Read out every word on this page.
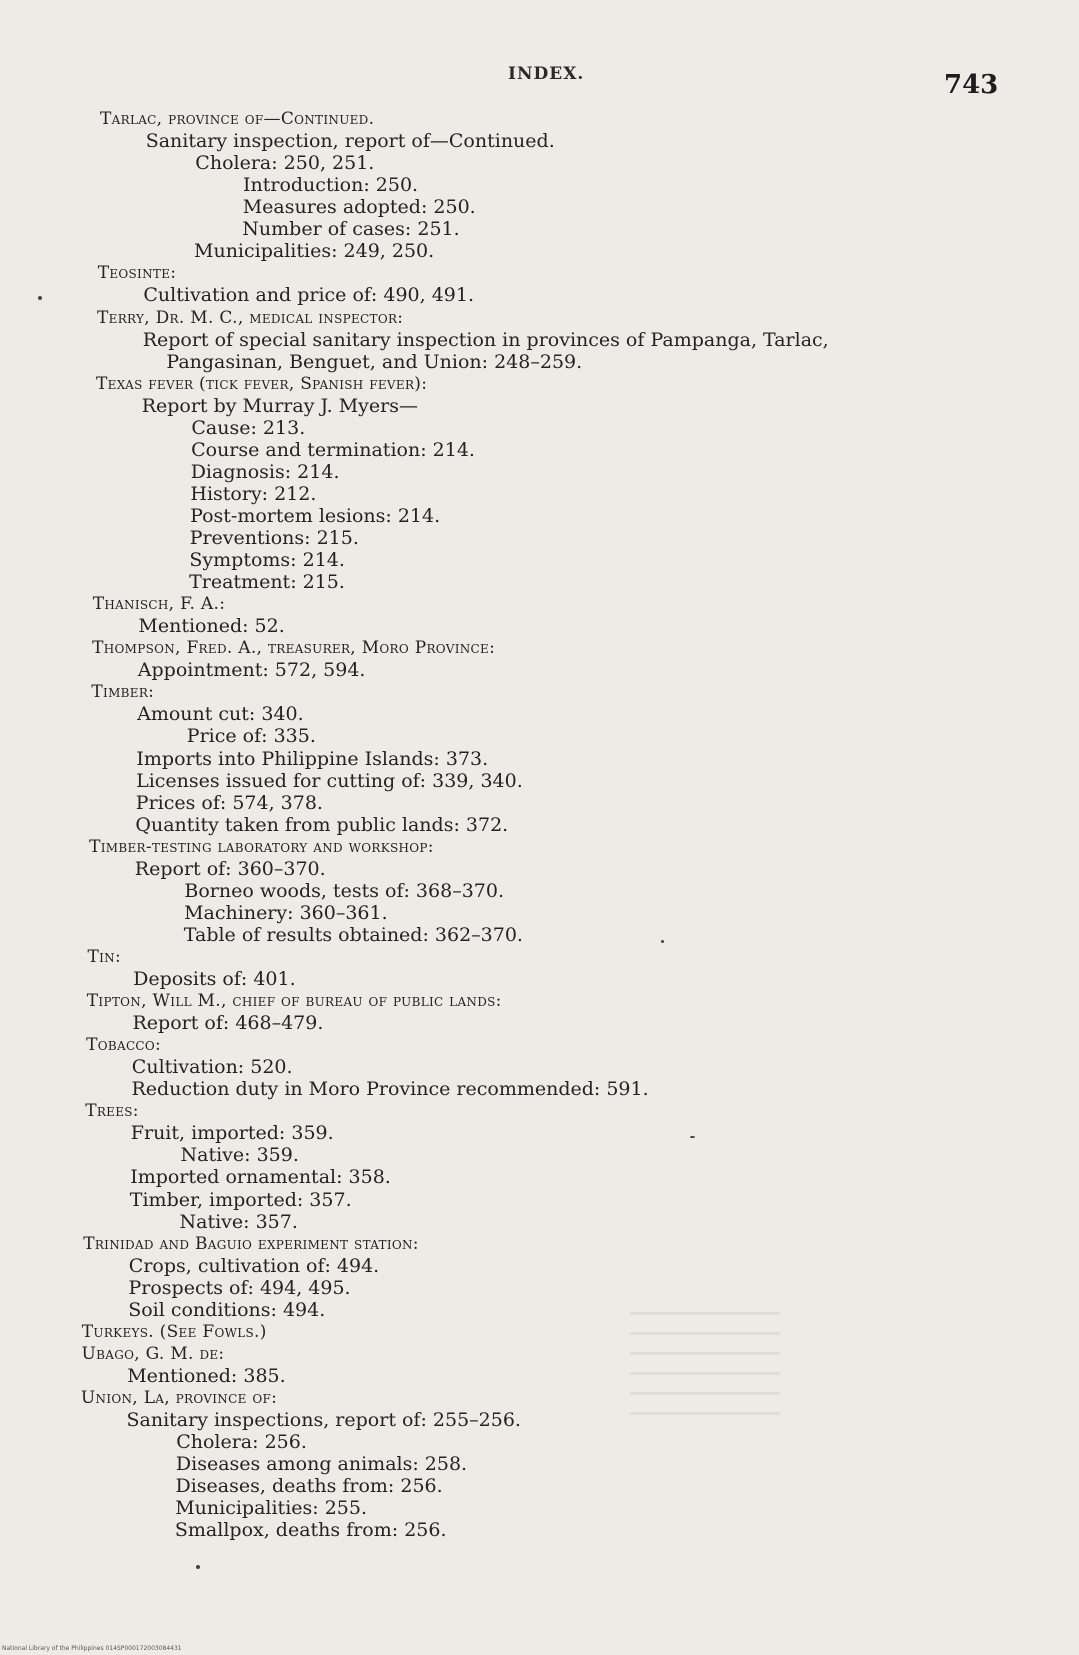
INDEX.	743
Tarlac, province of—Continued.
Sanitary inspection, report of—Continued.
Cholera: 250, 251.
Introduction: 250.
Measures adopted: 250.
Number of cases: 251.
Municipalities: 249, 250.
Teosinte:
Cultivation and price of: 490, 491.
Terry, Dr. M. C., medical inspector:
Report of special sanitary inspection in provinces of Pampanga, Tarlac,
Pangasinan, Benguet, and Union: 248–259.
Texas fever (tick fever, Spanish fever):
Report by Murray J. Myers—
Cause: 213.
Course and termination: 214.
Diagnosis: 214.
History: 212.
Post-mortem lesions: 214.
Preventions: 215.
Symptoms: 214.
Treatment: 215.
Thanisch, F. A.:
Mentioned: 52.
Thompson, Fred. A., treasurer, Moro Province:
Appointment: 572, 594.
Timber:
Amount cut: 340.
Price of: 335.
Imports into Philippine Islands: 373.
Licenses issued for cutting of: 339, 340.
Prices of: 574, 378.
Quantity taken from public lands: 372.
Timber-testing laboratory and workshop:
Report of: 360–370.
Borneo woods, tests of: 368–370.
Machinery: 360–361.
Table of results obtained: 362–370.
Tin:
Deposits of: 401.
Tipton, Will M., chief of bureau of public lands:
Report of: 468–479.
Tobacco:
Cultivation: 520.
Reduction duty in Moro Province recommended: 591.
Trees:
Fruit, imported: 359.
Native: 359.
Imported ornamental: 358.
Timber, imported: 357.
Native: 357.
Trinidad and Baguio experiment station:
Crops, cultivation of: 494.
Prospects of: 494, 495.
Soil conditions: 494.
Turkeys. (See Fowls.)
Ubago, G. M. de:
Mentioned: 385.
Union, La, province of:
Sanitary inspections, report of: 255–256.
Cholera: 256.
Diseases among animals: 258.
Diseases, deaths from: 256.
Municipalities: 255.
Smallpox, deaths from: 256.
National Library of the Philippines 014SP000172003084431
